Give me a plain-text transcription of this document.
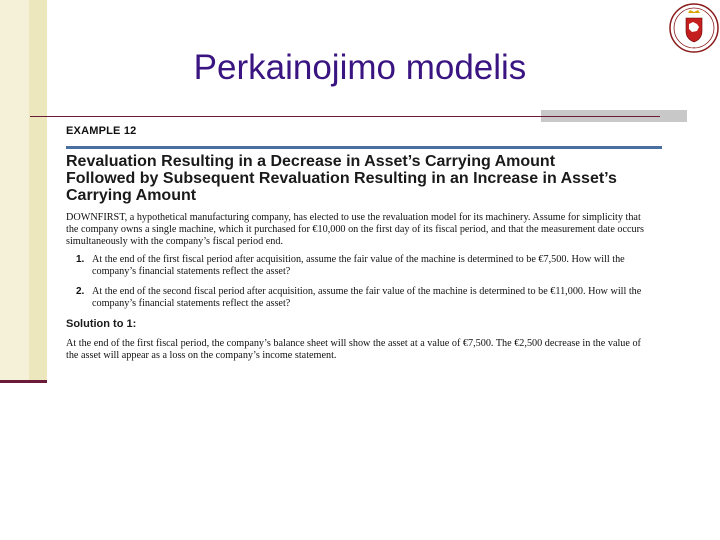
Perkainojimo modelis	•
EXAMPLE 12
Revaluation Resulting in a Decrease in Asset’s Carrying Amount
Followed by Subsequent Revaluation Resulting in an Increase in Asset’s
Carrying Amount
DOWNFIRST, a hypothetical manufacturing company, has elected to use the revaluation model for its machinery. Assume for simplicity that
the company owns a single machine, which it purchased for €10,000 on the first day of its fiscal period, and that the measurement date occurs
simultaneously with the company’s fiscal period end.
1. At the end of the first fiscal period after acquisition, assume the fair value of the machine is determined to be €7,500. How will the
company’s financial statements reflect the asset?
2. At the end of the second fiscal period after acquisition, assume the fair value of the machine is determined to be €11,000. How will the
company’s financial statements reflect the asset?
Solution to 1:
At the end of the first fiscal period, the company’s balance sheet will show the asset at a value of €7,500. The €2,500 decrease in the value of
the asset will appear as a loss on the company’s income statement.
